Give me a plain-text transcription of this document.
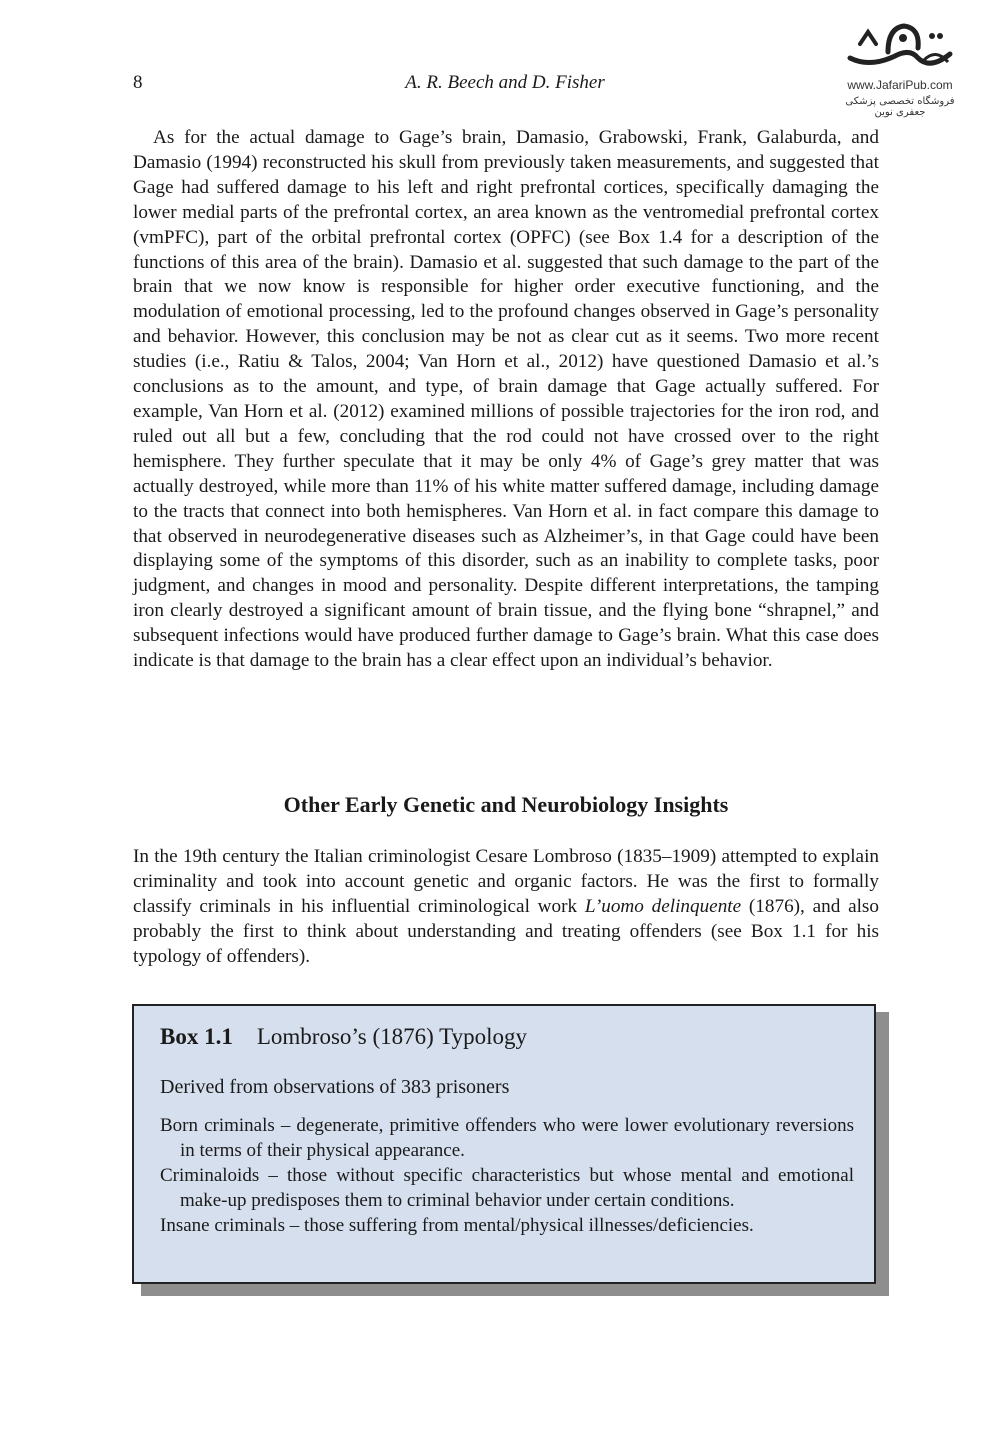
8	A. R. Beech and D. Fisher	www.JafariPub.com
فروشگاه تخصصی پزشکی جعفری نوین

As for the actual damage to Gage’s brain, Damasio, Grabowski, Frank, Galaburda, and Damasio (1994) reconstructed his skull from previously taken measurements, and suggested that Gage had suffered damage to his left and right prefrontal cortices, specifically damaging the lower medial parts of the prefrontal cortex, an area known as the ventromedial prefrontal cortex (vmPFC), part of the orbital prefrontal cortex (OPFC) (see Box 1.4 for a description of the functions of this area of the brain). Damasio et al. suggested that such damage to the part of the brain that we now know is responsible for higher order executive functioning, and the modulation of emotional processing, led to the profound changes observed in Gage’s personality and behavior. However, this conclusion may be not as clear cut as it seems. Two more recent studies (i.e., Ratiu & Talos, 2004; Van Horn et al., 2012) have questioned Damasio et al.’s conclusions as to the amount, and type, of brain damage that Gage actually suffered. For example, Van Horn et al. (2012) examined millions of possible trajectories for the iron rod, and ruled out all but a few, concluding that the rod could not have crossed over to the right hemisphere. They further speculate that it may be only 4% of Gage’s grey matter that was actually destroyed, while more than 11% of his white matter suffered damage, including damage to the tracts that connect into both hemispheres. Van Horn et al. in fact compare this damage to that observed in neurodegenerative diseases such as Alzheimer’s, in that Gage could have been displaying some of the symptoms of this disorder, such as an inability to complete tasks, poor judgment, and changes in mood and personality. Despite different interpretations, the tamping iron clearly destroyed a significant amount of brain tissue, and the flying bone “shrapnel,” and subsequent infections would have produced further damage to Gage’s brain. What this case does indicate is that damage to the brain has a clear effect upon an individual’s behavior.

Other Early Genetic and Neurobiology Insights

In the 19th century the Italian criminologist Cesare Lombroso (1835–1909) attempted to explain criminality and took into account genetic and organic factors. He was the first to formally classify criminals in his influential criminological work L’uomo delinquente (1876), and also probably the first to think about understanding and treating offenders (see Box 1.1 for his typology of offenders).

Box 1.1 Lombroso’s (1876) Typology

Derived from observations of 383 prisoners

Born criminals – degenerate, primitive offenders who were lower evolutionary reversions in terms of their physical appearance.
Criminaloids – those without specific characteristics but whose mental and emotional make-up predisposes them to criminal behavior under certain conditions.
Insane criminals – those suffering from mental/physical illnesses/deficiencies.
